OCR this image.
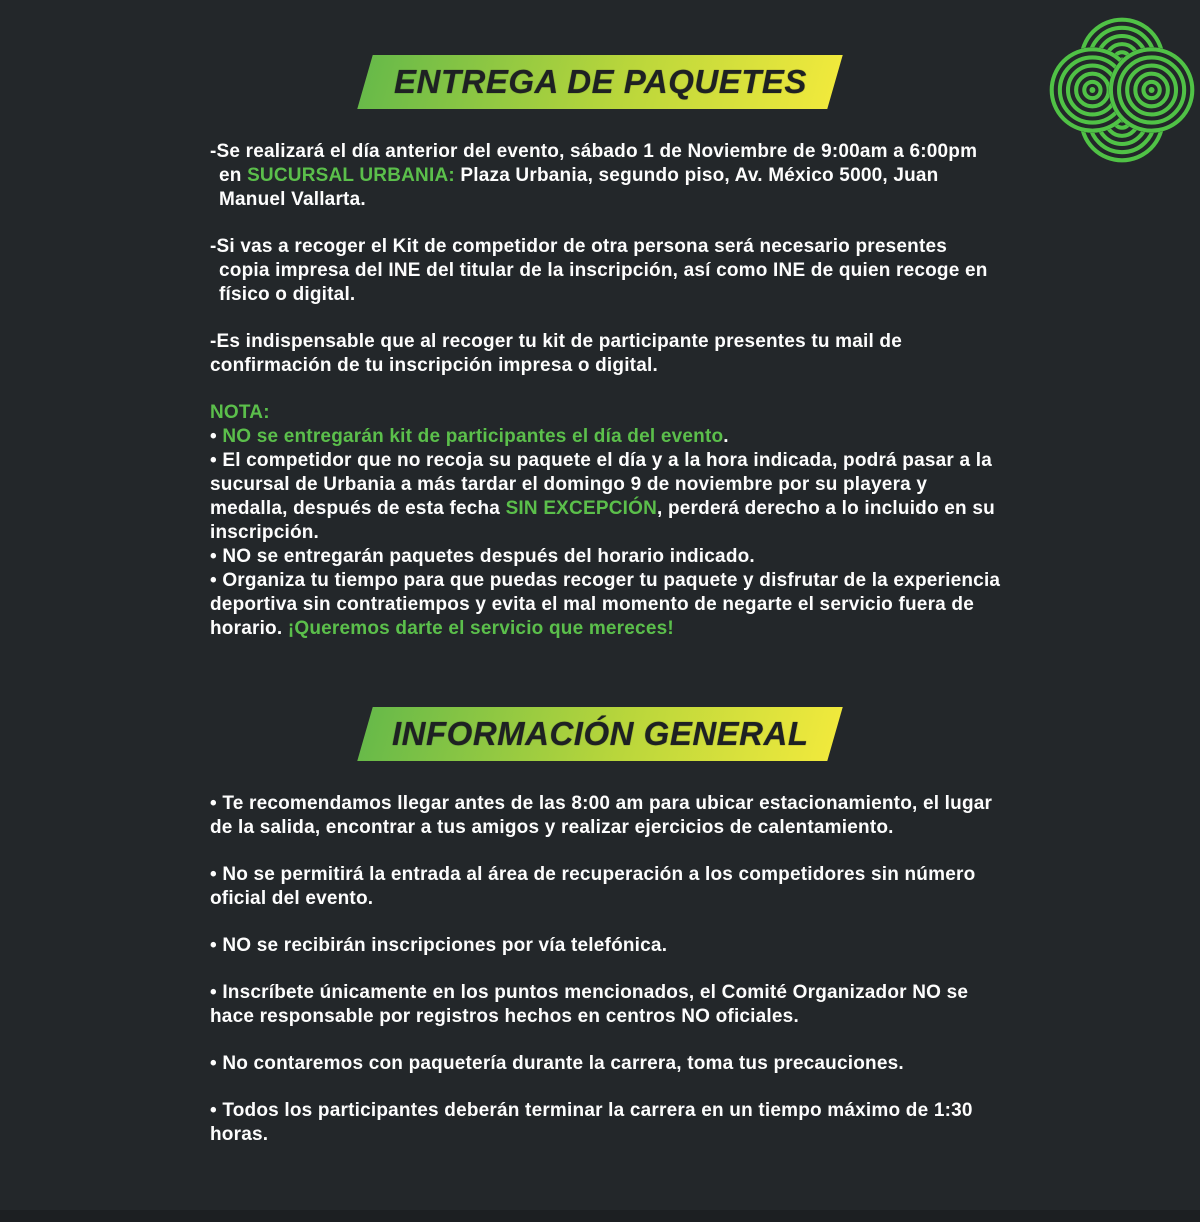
ENTREGA DE PAQUETES

-Se realizará el día anterior del evento, sábado 1 de Noviembre de 9:00am a 6:00pm en SUCURSAL URBANIA: Plaza Urbania, segundo piso, Av. México 5000, Juan Manuel Vallarta.

-Si vas a recoger el Kit de competidor de otra persona será necesario presentes copia impresa del INE del titular de la inscripción, así como INE de quien recoge en físico o digital.

-Es indispensable que al recoger tu kit de participante presentes tu mail de confirmación de tu inscripción impresa o digital.

NOTA:

• NO se entregarán kit de participantes el día del evento.

• El competidor que no recoja su paquete el día y a la hora indicada, podrá pasar a la sucursal de Urbania a más tardar el domingo 9 de noviembre por su playera y medalla, después de esta fecha SIN EXCEPCIÓN, perderá derecho a lo incluido en su inscripción.

• NO se entregarán paquetes después del horario indicado.

• Organiza tu tiempo para que puedas recoger tu paquete y disfrutar de la experiencia deportiva sin contratiempos y evita el mal momento de negarte el servicio fuera de horario. ¡Queremos darte el servicio que mereces!

INFORMACIÓN GENERAL

• Te recomendamos llegar antes de las 8:00 am para ubicar estacionamiento, el lugar de la salida, encontrar a tus amigos y realizar ejercicios de calentamiento.

• No se permitirá la entrada al área de recuperación a los competidores sin número oficial del evento.

• NO se recibirán inscripciones por vía telefónica.

• Inscríbete únicamente en los puntos mencionados, el Comité Organizador NO se hace responsable por registros hechos en centros NO oficiales.

• No contaremos con paquetería durante la carrera, toma tus precauciones.

• Todos los participantes deberán terminar la carrera en un tiempo máximo de 1:30 horas.
